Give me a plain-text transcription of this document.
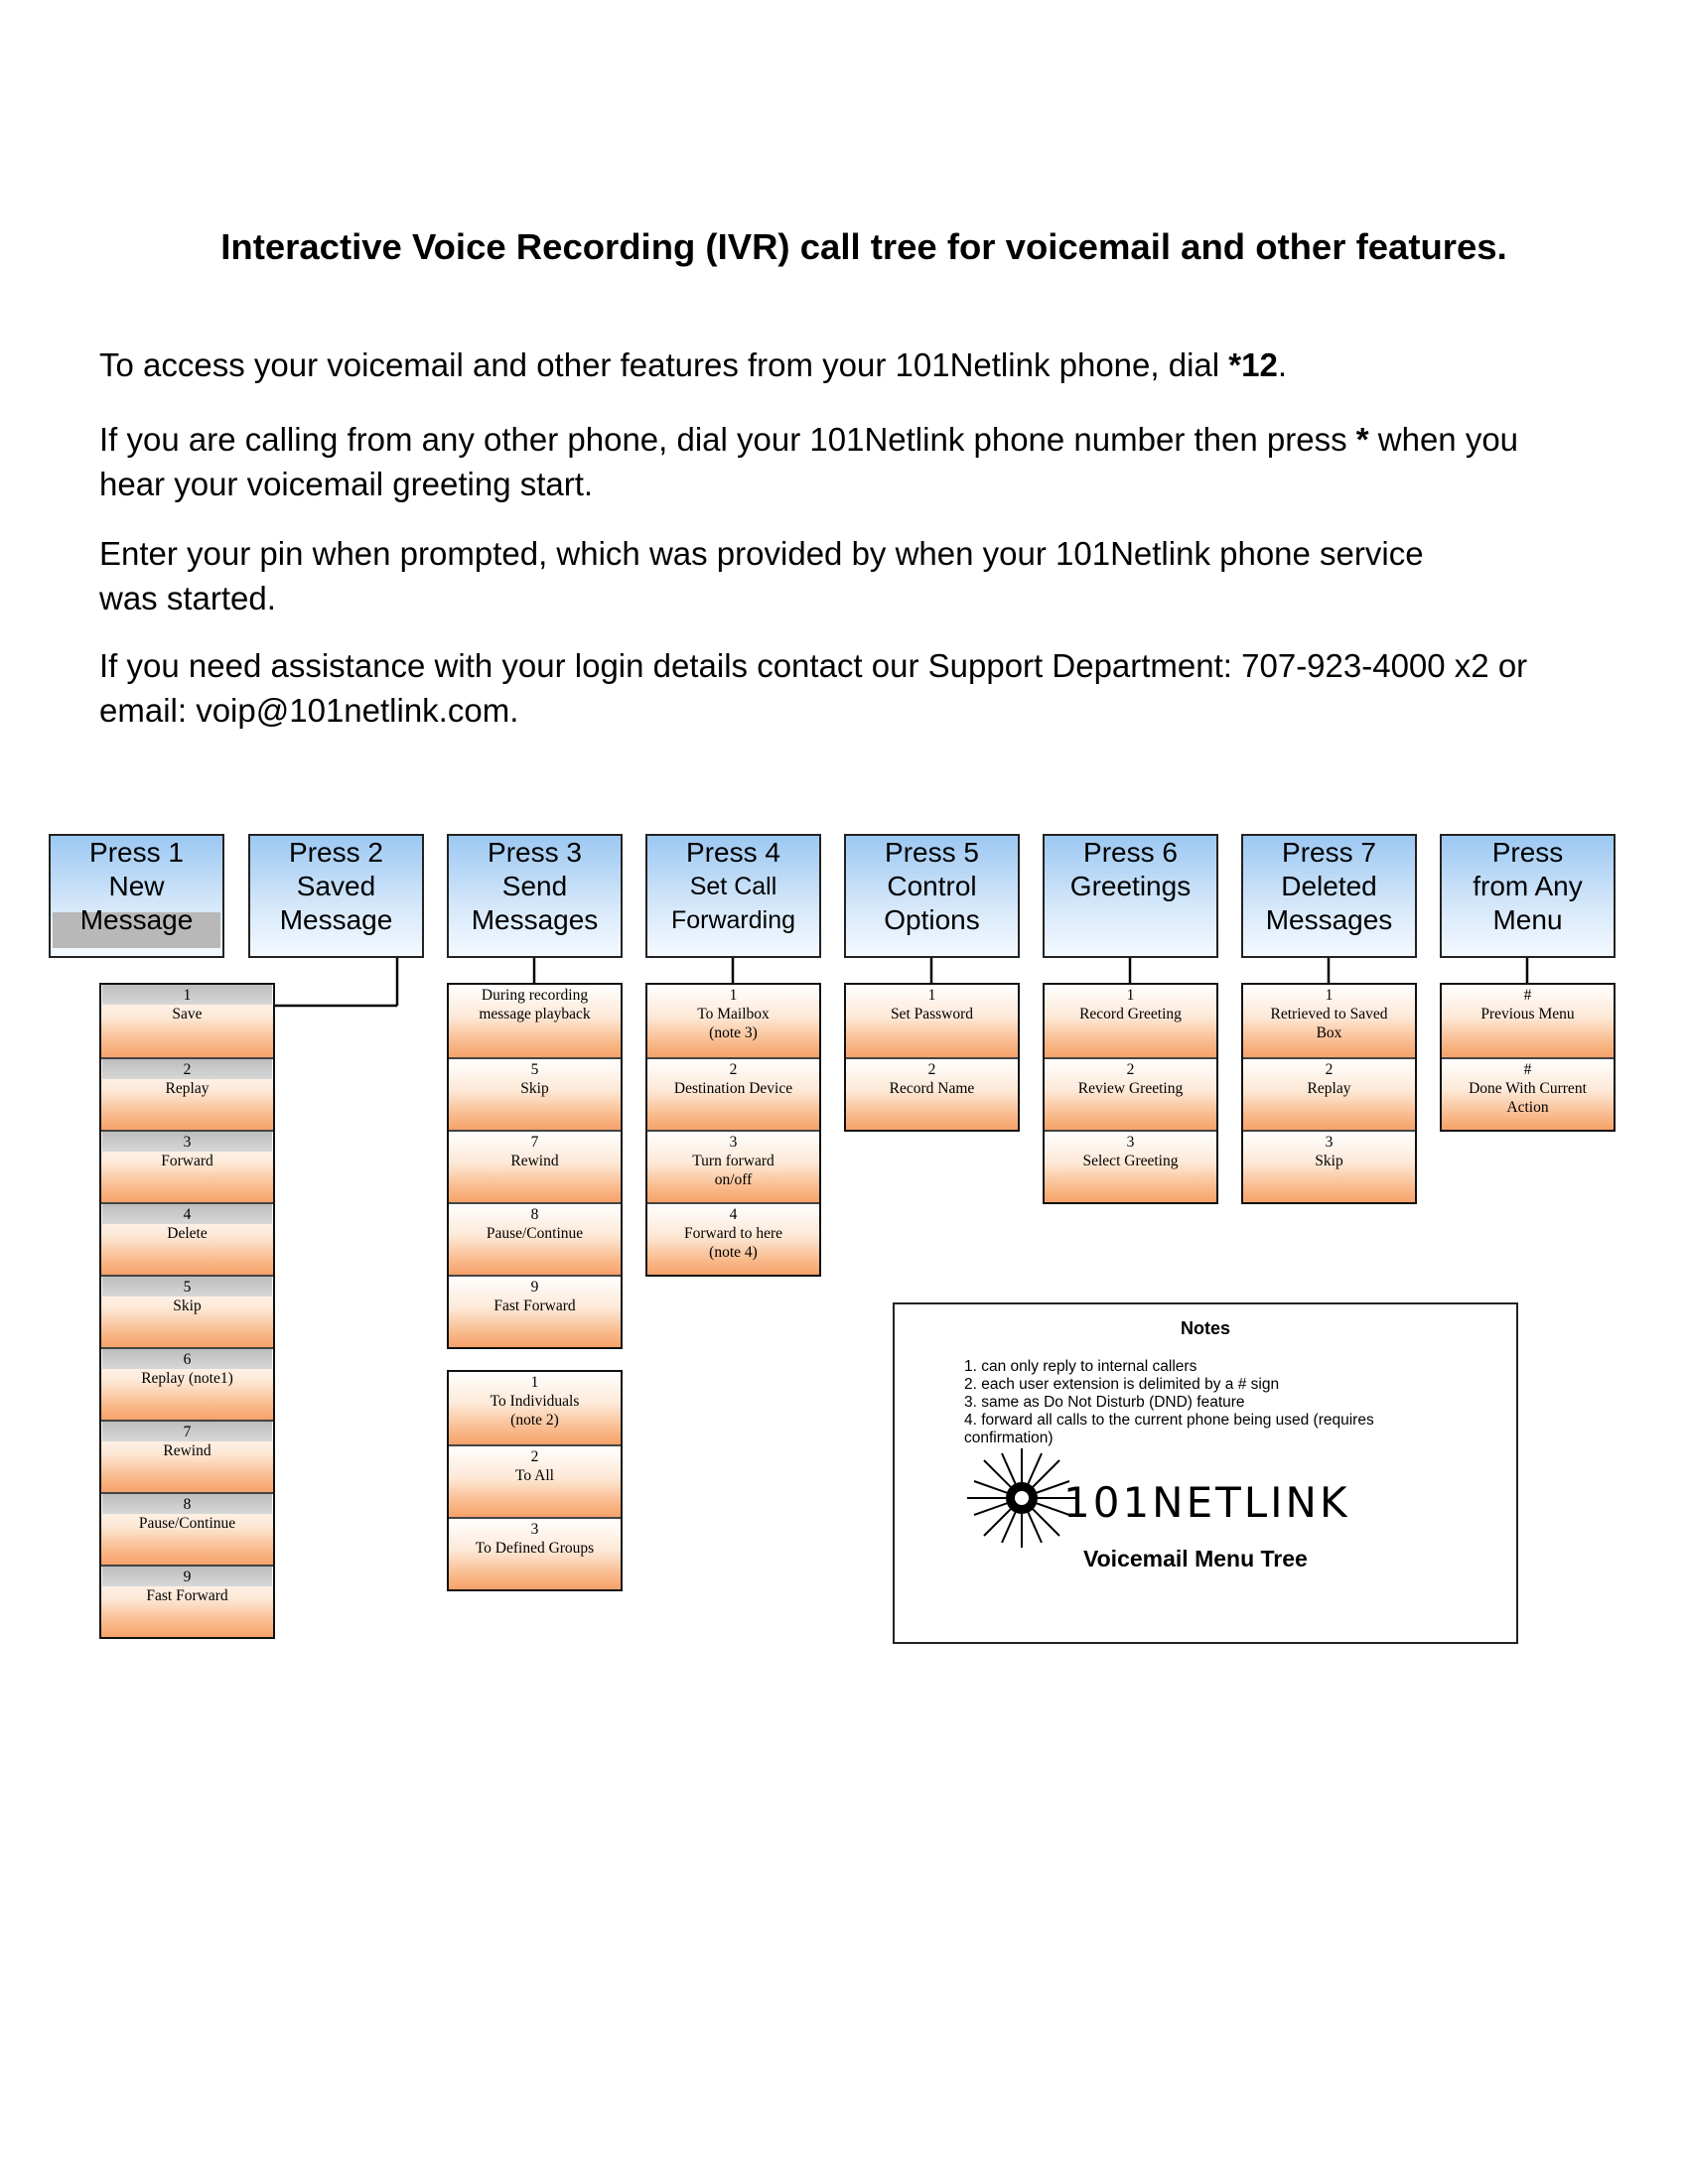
Interactive Voice Recording (IVR) call tree for voicemail and other features.

To access your voicemail and other features from your 101Netlink phone, dial *12.

If you are calling from any other phone, dial your 101Netlink phone number then press * when you
hear your voicemail greeting start.

Enter your pin when prompted, which was provided by when your 101Netlink phone service
was started.

If you need assistance with your login details contact our Support Department: 707-923-4000 x2 or
email: voip@101netlink.com.

Press 1
New
Message
1
Save
2
Replay
3
Forward
4
Delete
5
Skip
6
Replay (note1)
7
Rewind
8
Pause/Continue
9
Fast Forward
Press 2
Saved
Message
Press 3
Send
Messages
During recording
message playback
5
Skip
7
Rewind
8
Pause/Continue
9
Fast Forward
1
To Individuals
(note 2)
2
To All
3
To Defined Groups
Press 4
Set Call
Forwarding
1
To Mailbox
(note 3)
2
Destination Device
3
Turn forward
on/off
4
Forward to here
(note 4)
Press 5
Control
Options
1
Set Password
2
Record Name
Press 6
Greetings

1
Record Greeting
2
Review Greeting
3
Select Greeting
Press 7
Deleted
Messages
1
Retrieved to Saved
Box
2
Replay
3
Skip
Press
from Any
Menu
#
Previous Menu
#
Done With Current
Action
Notes
1. can only reply to internal callers
2. each user extension is delimited by a # sign
3. same as Do Not Disturb (DND) feature
4. forward all calls to the current phone being used (requires
confirmation)
101NETLINK
Voicemail Menu Tree
